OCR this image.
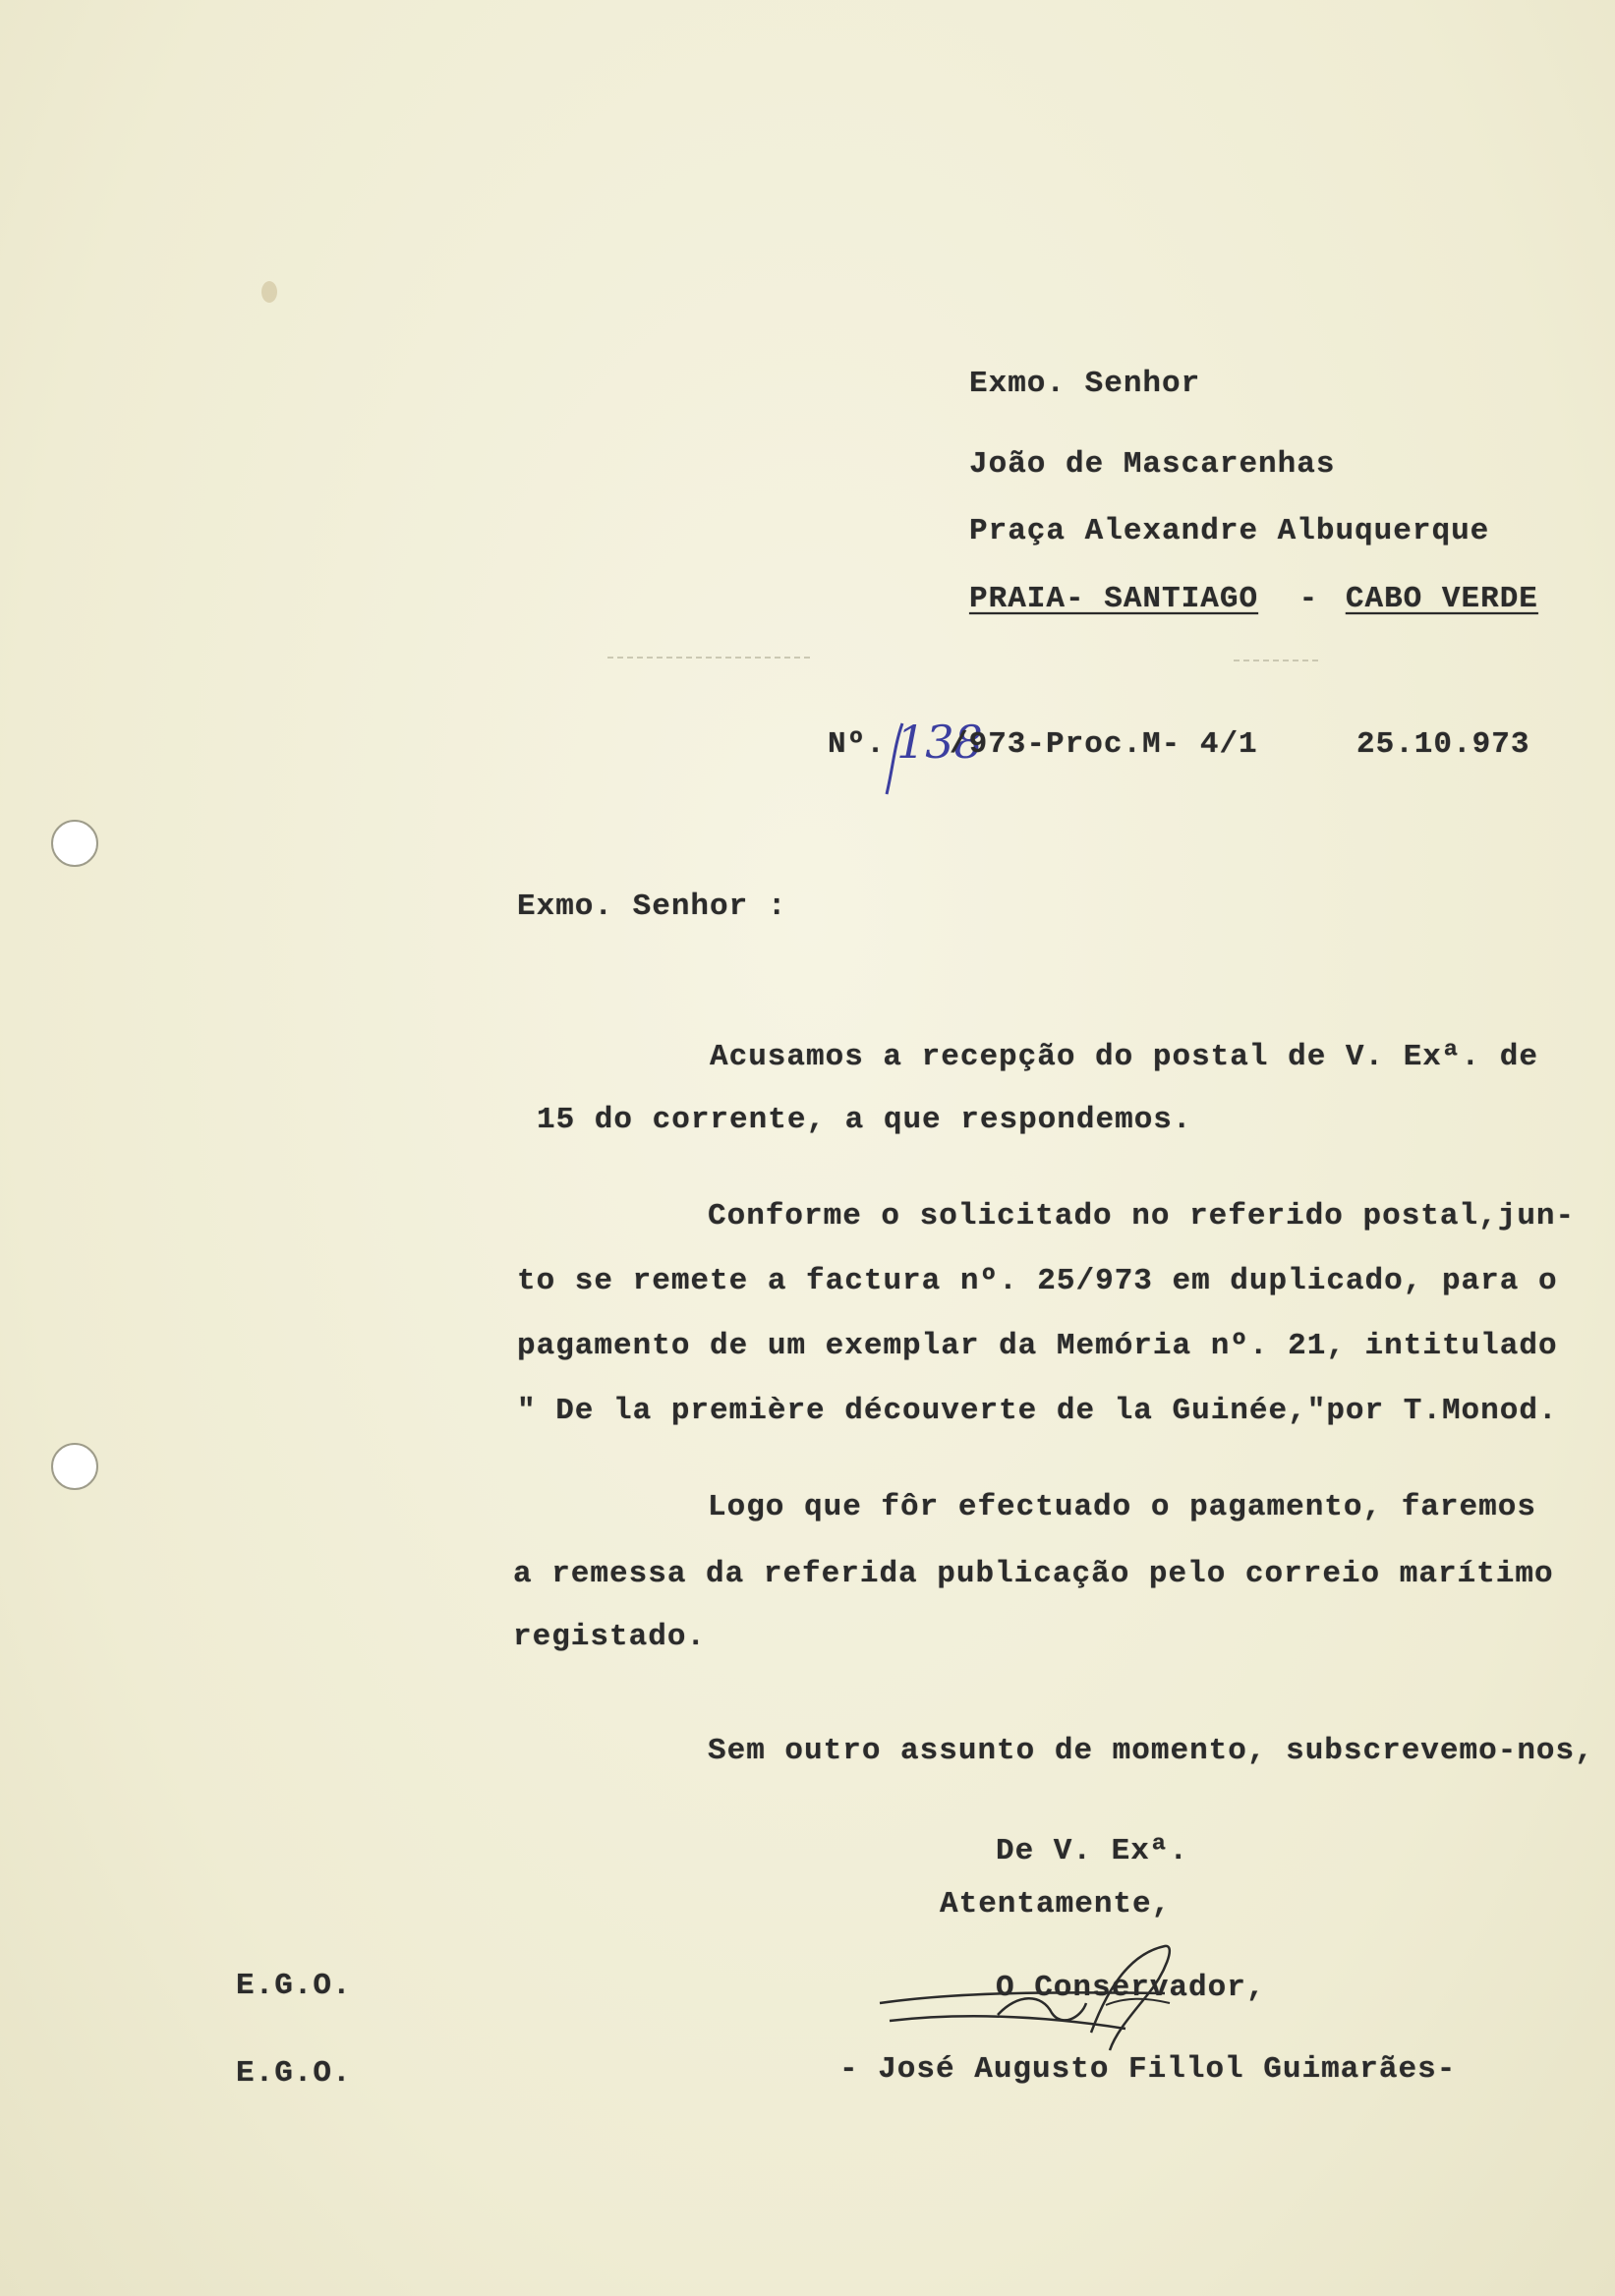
Exmo. Senhor
João de Mascarenhas
Praça Alexandre Albuquerque
PRAIA- SANTIAGO - CABO VERDE
Nº. 138
/973-Proc.M- 4/1	25.10.973
Exmo. Senhor :
Acusamos a recepção do postal de V. Exª. de
15 do corrente, a que respondemos.
Conforme o solicitado no referido postal,jun-
to se remete a factura nº. 25/973 em duplicado, para o
pagamento de um exemplar da Memória nº. 21, intitulado
" De la première découverte de la Guinée,"por T.Monod.
Logo que fôr efectuado o pagamento, faremos
a remessa da referida publicação pelo correio marítimo
registado.
Sem outro assunto de momento, subscrevemo-nos,
De V. Exª.
Atentamente,
O Conservador,
- José Augusto Fillol Guimarães-
E.G.O.
E.G.O.
